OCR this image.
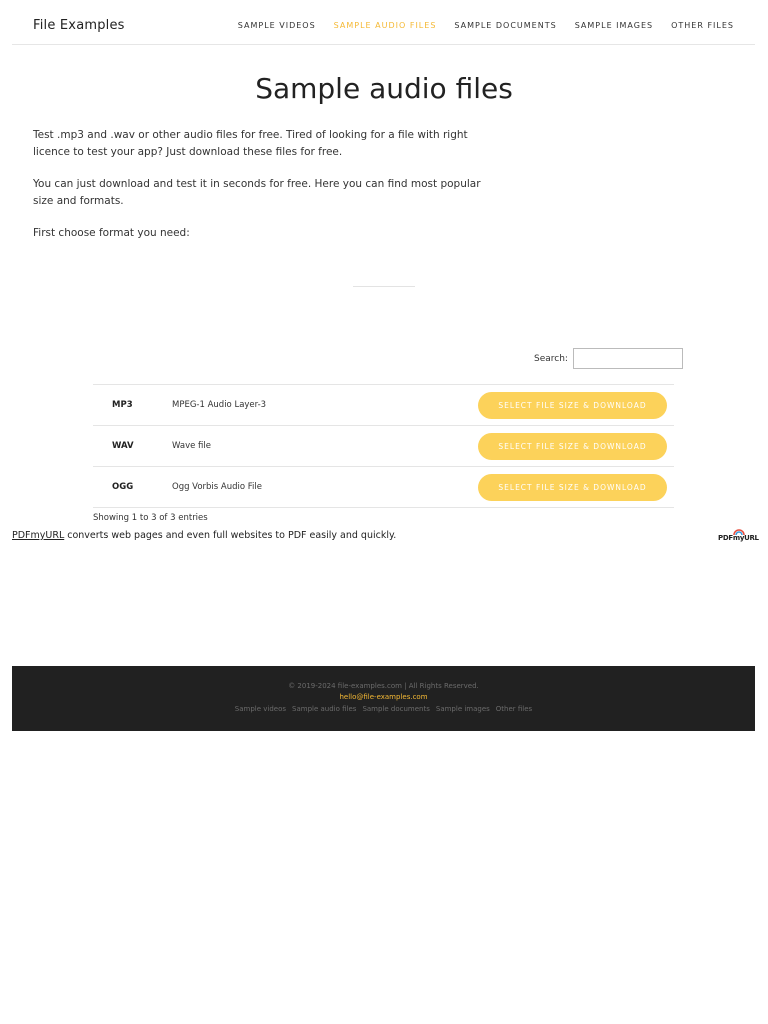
File Examples	SAMPLE VIDEOS SAMPLE AUDIO FILES SAMPLE DOCUMENTS SAMPLE IMAGES OTHER FILES
Sample audio files

Test .mp3 and .wav or other audio files for free. Tired of looking for a file with right licence to test your app? Just download these files for free.

You can just download and test it in seconds for free. Here you can find most popular size and formats.

First choose format you need:

Search:
MP3	MPEG-1 Audio Layer-3	SELECT FILE SIZE & DOWNLOAD
WAV	Wave file	SELECT FILE SIZE & DOWNLOAD
OGG	Ogg Vorbis Audio File	SELECT FILE SIZE & DOWNLOAD
Showing 1 to 3 of 3 entries
PDFmyURL converts web pages and even full websites to PDF easily and quickly.	PDFmyURL
© 2019-2024 file-examples.com | All Rights Reserved.
hello@file-examples.com
Sample videos Sample audio files Sample documents Sample images Other files
